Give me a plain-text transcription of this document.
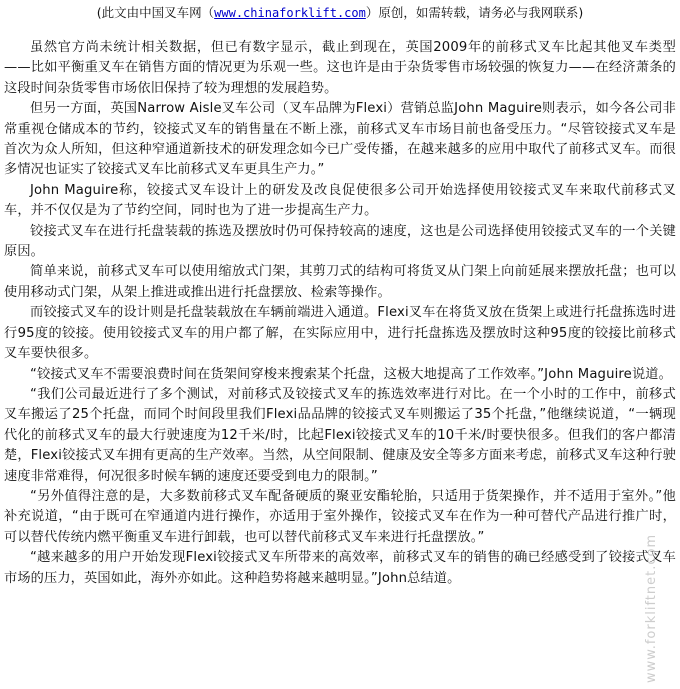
(此文由中国叉车网（www.chinaforklift.com）原创，如需转载，请务必与我网联系)

虽然官方尚未统计相关数据，但已有数字显示，截止到现在，英国2009年的前移式叉车比起其他叉车类型——比如平衡重叉车在销售方面的情况更为乐观一些。这也许是由于杂货零售市场较强的恢复力——在经济萧条的这段时间杂货零售市场依旧保持了较为理想的发展趋势。

但另一方面，英国Narrow Aisle叉车公司（叉车品牌为Flexi）营销总监John Maguire则表示，如今各公司非常重视仓储成本的节约，铰接式叉车的销售量在不断上涨，前移式叉车市场目前也备受压力。“尽管铰接式叉车是首次为众人所知，但这种窄通道新技术的研发理念如今已广受传播，在越来越多的应用中取代了前移式叉车。而很多情况也证实了铰接式叉车比前移式叉车更具生产力。”

John Maguire称，铰接式叉车设计上的研发及改良促使很多公司开始选择使用铰接式叉车来取代前移式叉车，并不仅仅是为了节约空间，同时也为了进一步提高生产力。

铰接式叉车在进行托盘装载的拣选及摆放时仍可保持较高的速度，这也是公司选择使用铰接式叉车的一个关键原因。

简单来说，前移式叉车可以使用缩放式门架，其剪刀式的结构可将货叉从门架上向前延展来摆放托盘；也可以使用移动式门架，从架上推进或推出进行托盘摆放、检索等操作。

而铰接式叉车的设计则是托盘装载放在车辆前端进入通道。Flexi叉车在将货叉放在货架上或进行托盘拣选时进行95度的铰接。使用铰接式叉车的用户都了解，在实际应用中，进行托盘拣选及摆放时这种95度的铰接比前移式叉车要快很多。

“铰接式叉车不需要浪费时间在货架间穿梭来搜索某个托盘，这极大地提高了工作效率。”John Maguire说道。

“我们公司最近进行了多个测试，对前移式及铰接式叉车的拣选效率进行对比。在一个小时的工作中，前移式叉车搬运了25个托盘，而同个时间段里我们Flexi品品牌的铰接式叉车则搬运了35个托盘，”他继续说道，“一辆现代化的前移式叉车的最大行驶速度为12千米/时，比起Flexi铰接式叉车的10千米/时要快很多。但我们的客户都清楚，Flexi铰接式叉车拥有更高的生产效率。当然，从空间限制、健康及安全等多方面来考虑，前移式叉车这种行驶速度非常难得，何况很多时候车辆的速度还要受到电力的限制。”

“另外值得注意的是，大多数前移式叉车配备硬质的聚亚安酯轮胎，只适用于货架操作，并不适用于室外。”他补充说道，“由于既可在窄通道内进行操作，亦适用于室外操作，铰接式叉车在作为一种可替代产品进行推广时，可以替代传统内燃平衡重叉车进行卸载，也可以替代前移式叉车来进行托盘摆放。”

“越来越多的用户开始发现Flexi铰接式叉车所带来的高效率，前移式叉车的销售的确已经感受到了铰接式叉车市场的压力，英国如此，海外亦如此。这种趋势将越来越明显。”John总结道。	www.forkliftnet.com
